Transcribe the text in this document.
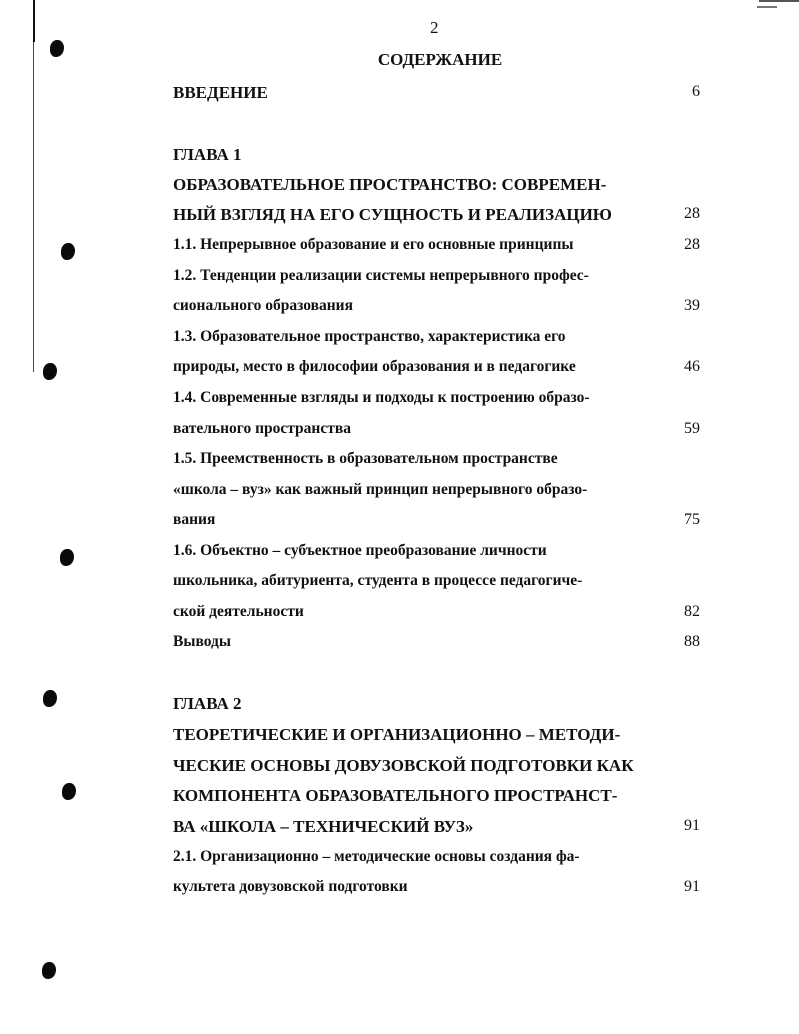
2
СОДЕРЖАНИЕ
ВВЕДЕНИЕ	6
ГЛАВА 1
ОБРАЗОВАТЕЛЬНОЕ ПРОСТРАНСТВО: СОВРЕМЕН-
НЫЙ ВЗГЛЯД НА ЕГО СУЩНОСТЬ И РЕАЛИЗАЦИЮ	28
1.1. Непрерывное образование и его основные принципы	28
1.2. Тенденции реализации системы непрерывного профес-
сионального образования	39
1.3. Образовательное пространство, характеристика его
природы, место в философии образования и в педагогике	46
1.4. Современные взгляды и подходы к построению образо-
вательного пространства	59
1.5. Преемственность в образовательном пространстве
«школа – вуз» как важный принцип непрерывного образо-
вания	75
1.6. Объектно – субъектное преобразование личности
школьника, абитуриента, студента в процессе педагогиче-
ской деятельности	82
Выводы	88
ГЛАВА 2
ТЕОРЕТИЧЕСКИЕ И ОРГАНИЗАЦИОННО – МЕТОДИ-
ЧЕСКИЕ ОСНОВЫ ДОВУЗОВСКОЙ ПОДГОТОВКИ КАК
КОМПОНЕНТА ОБРАЗОВАТЕЛЬНОГО ПРОСТРАНСТ-
ВА «ШКОЛА – ТЕХНИЧЕСКИЙ ВУЗ»	91
2.1. Организационно – методические основы создания фа-
культета довузовской подготовки	91
